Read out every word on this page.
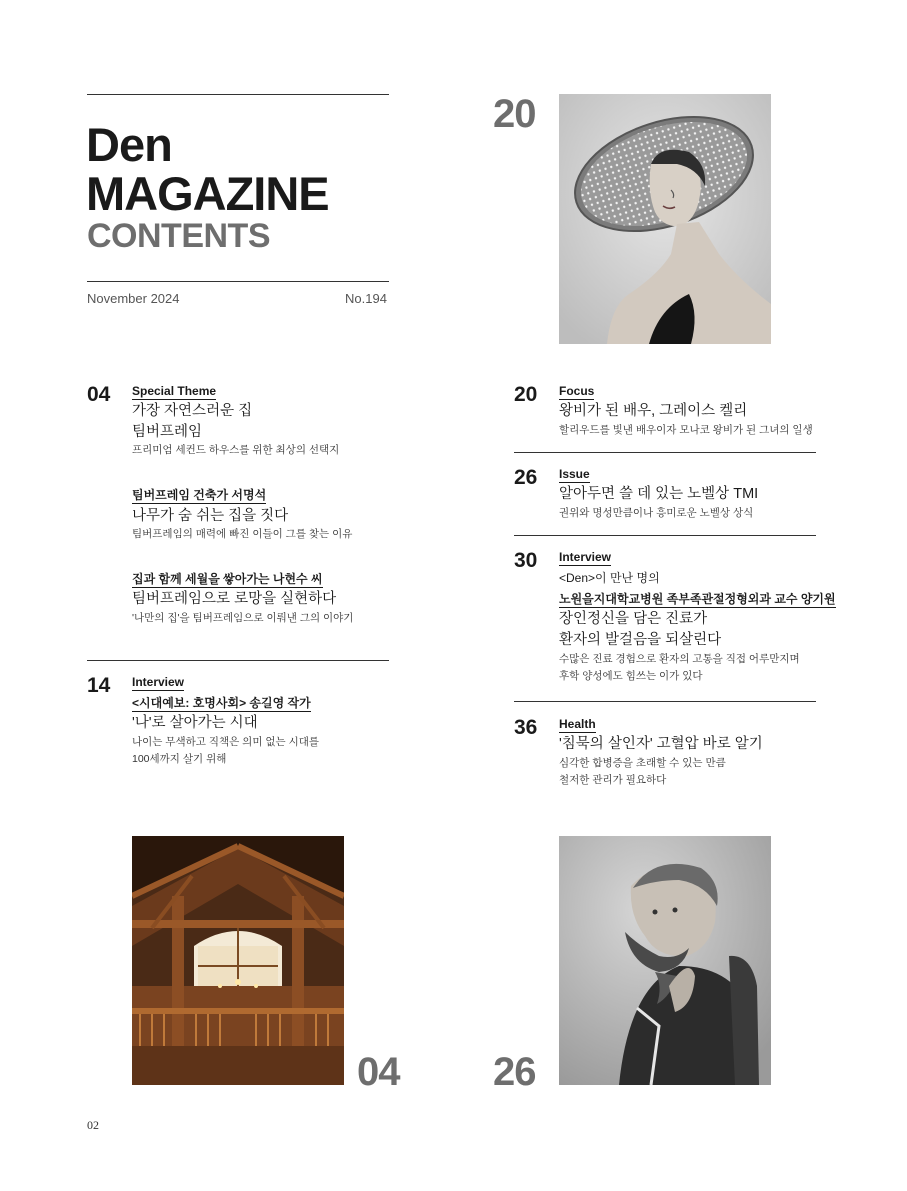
Den
MAGAZINE
CONTENTS
November 2024	No.194
20
04 Special Theme
가장 자연스러운 집
팀버프레임
프리미엄 세컨드 하우스를 위한 최상의 선택지
팀버프레임 건축가 서명석
나무가 숨 쉬는 집을 짓다
팀버프레임의 매력에 빠진 이들이 그를 찾는 이유
집과 함께 세월을 쌓아가는 나현수 씨
팀버프레임으로 로망을 실현하다
'나만의 집'을 팀버프레임으로 이뤄낸 그의 이야기
14 Interview
<시대예보: 호명사회> 송길영 작가
'나'로 살아가는 시대
나이는 무색하고 직책은 의미 없는 시대를
100세까지 살기 위해
20 Focus
왕비가 된 배우, 그레이스 켈리
할리우드를 빛낸 배우이자 모나코 왕비가 된 그녀의 일생
26 Issue
알아두면 쓸 데 있는 노벨상 TMI
권위와 명성만큼이나 흥미로운 노벨상 상식
30 Interview
<Den>이 만난 명의
노원을지대학교병원 족부족관절정형외과 교수 양기원
장인정신을 담은 진료가
환자의 발걸음을 되살린다
수많은 진료 경험으로 환자의 고통을 직접 어루만지며
후학 양성에도 힘쓰는 이가 있다
36 Health
'침묵의 살인자' 고혈압 바로 알기
심각한 합병증을 초래할 수 있는 만큼
철저한 관리가 필요하다
04 26
02
